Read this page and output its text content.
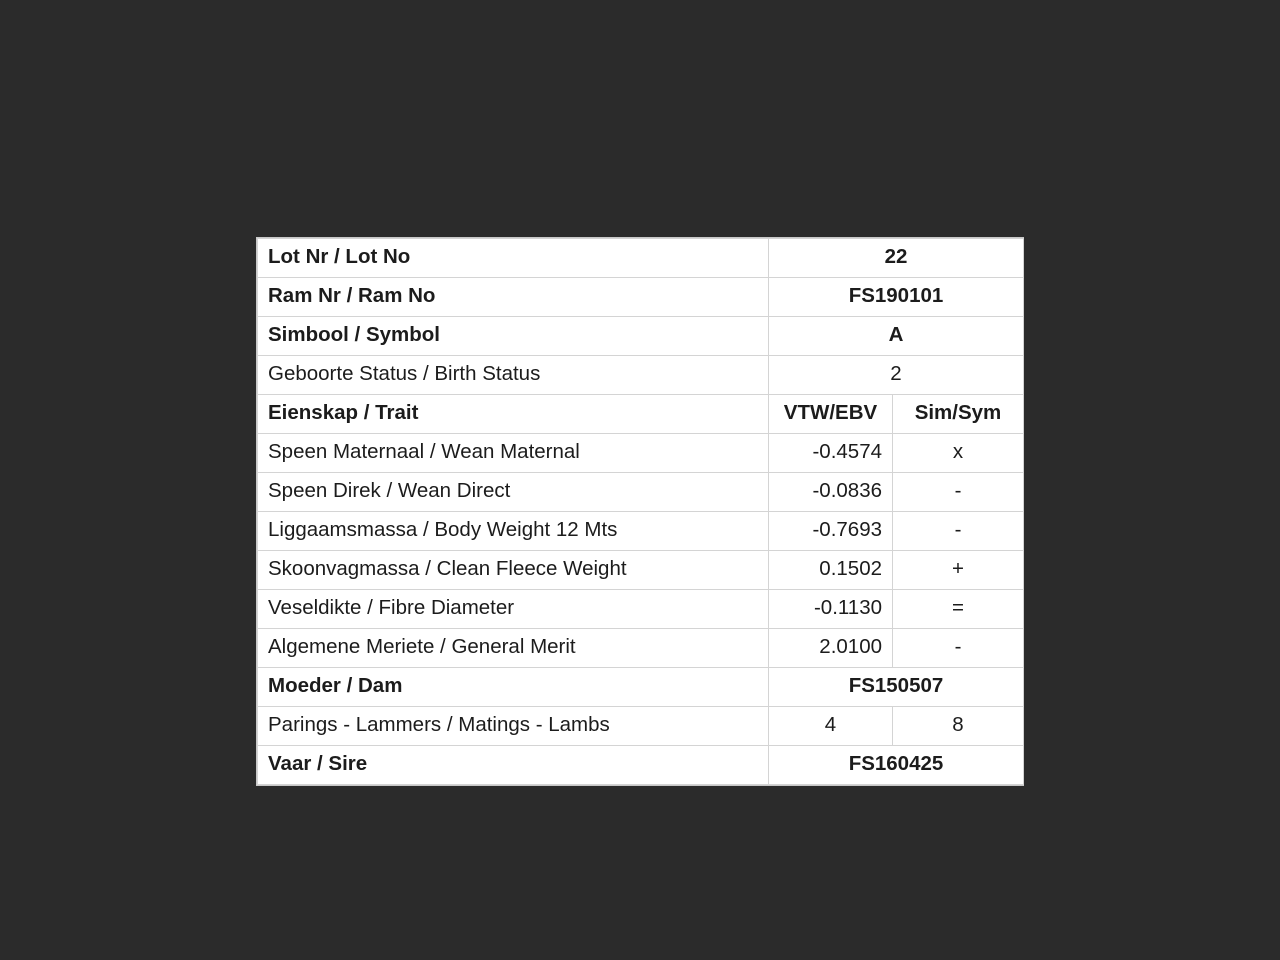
Lot Nr / Lot No	22	
Ram Nr / Ram No	FS190101	
Simbool / Symbol	A	
Geboorte Status / Birth Status	2	
Eienskap / Trait	VTW/EBV	Sim/Sym
Speen Maternaal / Wean Maternal	-0.4574	x
Speen Direk / Wean Direct	-0.0836	-
Liggaamsmassa / Body Weight 12 Mts	-0.7693	-
Skoonvagmassa / Clean Fleece Weight	0.1502	+
Veseldikte / Fibre Diameter	-0.1130	=
Algemene Meriete / General Merit	2.0100	-
Moeder / Dam	FS150507	
Parings - Lammers / Matings - Lambs	4	8
Vaar / Sire	FS160425	
